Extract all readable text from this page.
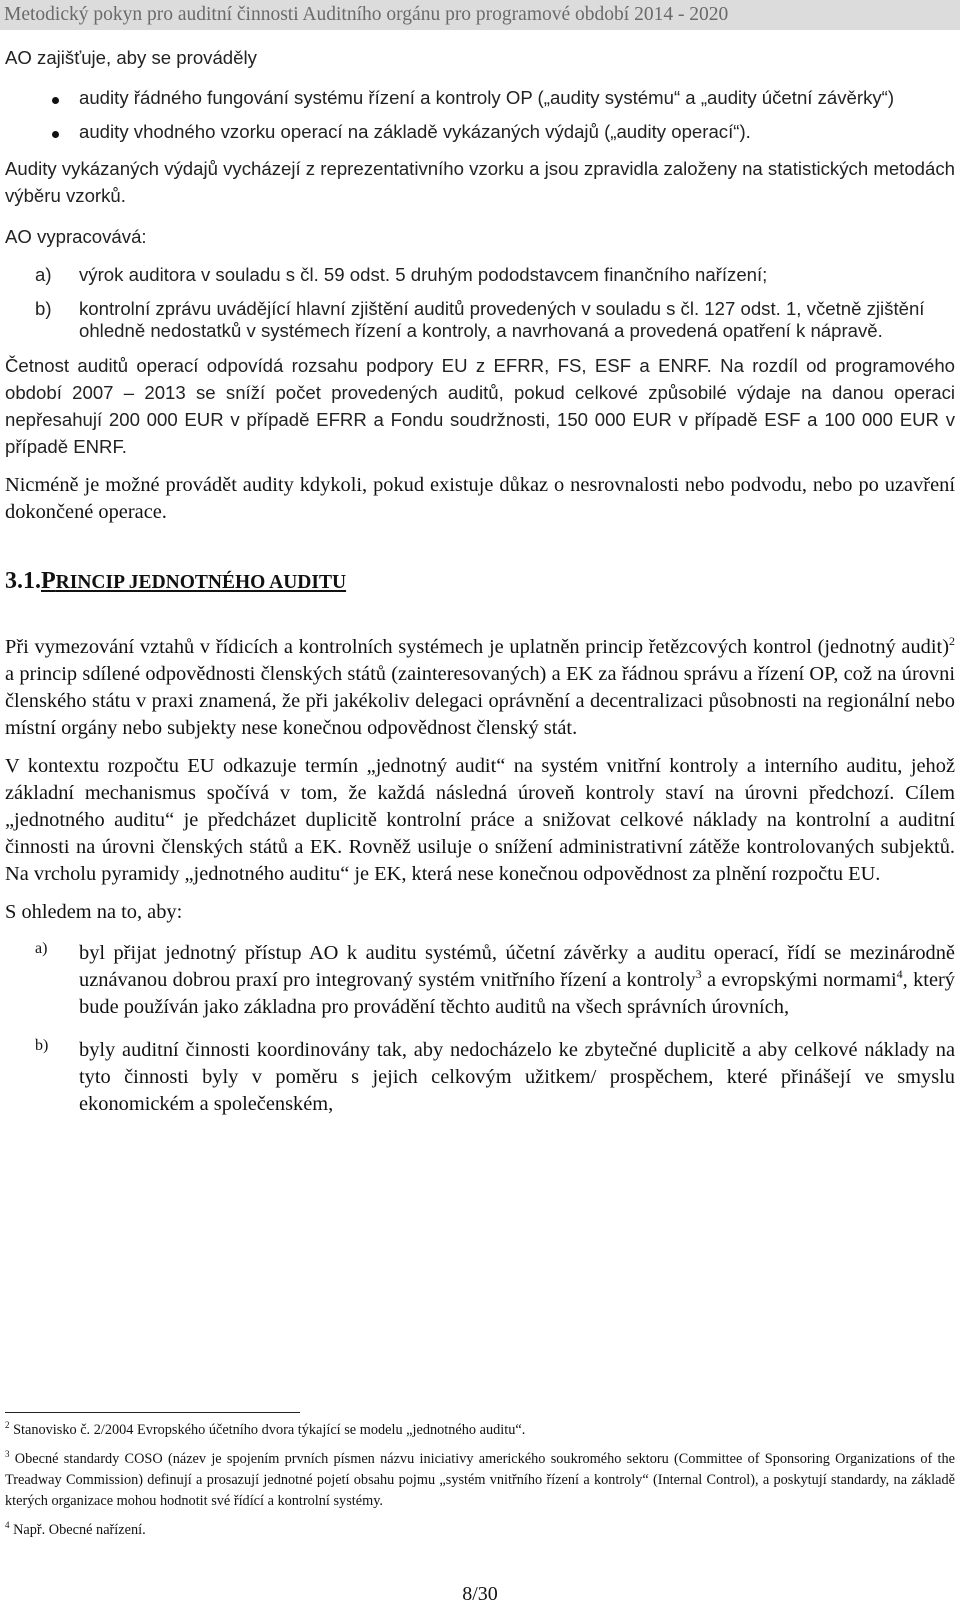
Metodický pokyn pro auditní činnosti Auditního orgánu pro programové období 2014 - 2020

AO zajišťuje, aby se prováděly

audity řádného fungování systému řízení a kontroly OP („audity systému“ a „audity účetní závěrky“)
audity vhodného vzorku operací na základě vykázaných výdajů („audity operací“).

Audity vykázaných výdajů vycházejí z reprezentativního vzorku a jsou zpravidla založeny na statistických metodách výběru vzorků.

AO vypracovává:

a) výrok auditora v souladu s čl. 59 odst. 5 druhým pododstavcem finančního nařízení;
b) kontrolní zprávu uvádějící hlavní zjištění auditů provedených v souladu s čl. 127 odst. 1, včetně zjištění ohledně nedostatků v systémech řízení a kontroly, a navrhovaná a provedená opatření k nápravě.

Četnost auditů operací odpovídá rozsahu podpory EU z EFRR, FS, ESF a ENRF. Na rozdíl od programového období 2007 – 2013 se sníží počet provedených auditů, pokud celkové způsobilé výdaje na danou operaci nepřesahují 200 000 EUR v případě EFRR a Fondu soudržnosti, 150 000 EUR v případě ESF a 100 000 EUR v případě ENRF.

Nicméně je možné provádět audity kdykoli, pokud existuje důkaz o nesrovnalosti nebo podvodu, nebo po uzavření dokončené operace.

3.1.PRINCIP JEDNOTNÉHO AUDITU

Při vymezování vztahů v řídicích a kontrolních systémech je uplatněn princip řetězcových kontrol (jednotný audit)$^2$ a princip sdílené odpovědnosti členských států (zainteresovaných) a EK za řádnou správu a řízení OP, což na úrovni členského státu v praxi znamená, že při jakékoliv delegaci oprávnění a decentralizaci působnosti na regionální nebo místní orgány nebo subjekty nese konečnou odpovědnost členský stát.

V kontextu rozpočtu EU odkazuje termín „jednotný audit“ na systém vnitřní kontroly a interního auditu, jehož základní mechanismus spočívá v tom, že každá následná úroveň kontroly staví na úrovni předchozí. Cílem „jednotného auditu“ je předcházet duplicitě kontrolní práce a snižovat celkové náklady na kontrolní a auditní činnosti na úrovni členských států a EK. Rovněž usiluje o snížení administrativní zátěže kontrolovaných subjektů. Na vrcholu pyramidy „jednotného auditu“ je EK, která nese konečnou odpovědnost za plnění rozpočtu EU.

S ohledem na to, aby:

a) byl přijat jednotný přístup AO k auditu systémů, účetní závěrky a auditu operací, řídí se mezinárodně uznávanou dobrou praxí pro integrovaný systém vnitřního řízení a kontroly$^3$ a evropskými normami$^4$, který bude používán jako základna pro provádění těchto auditů na všech správních úrovních,

b) byly auditní činnosti koordinovány tak, aby nedocházelo ke zbytečné duplicitě a aby celkové náklady na tyto činnosti byly v poměru s jejich celkovým užitkem/ prospěchem, které přinášejí ve smyslu ekonomickém a společenském,

$^2$ Stanovisko č. 2/2004 Evropského účetního dvora týkající se modelu „jednotného auditu“.
$^3$ Obecné standardy COSO (název je spojením prvních písmen názvu iniciativy amerického soukromého sektoru (Committee of Sponsoring Organizations of the Treadway Commission) definují a prosazují jednotné pojetí obsahu pojmu „systém vnitřního řízení a kontroly“ (Internal Control), a poskytují standardy, na základě kterých organizace mohou hodnotit své řídící a kontrolní systémy.
$^4$ Např. Obecné nařízení.
8/30
